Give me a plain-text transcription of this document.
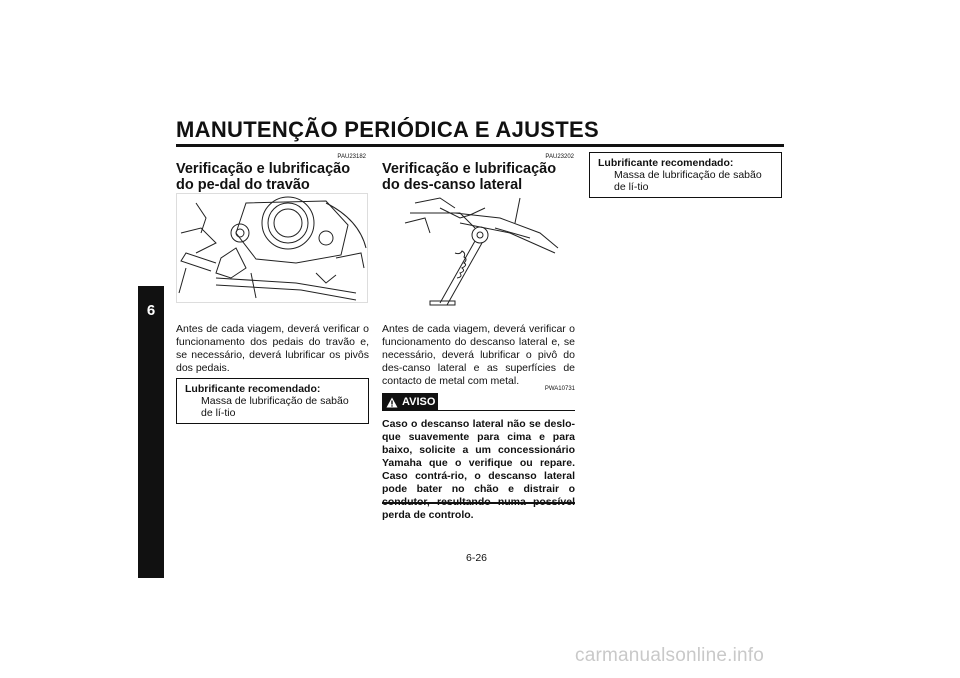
MANUTENÇÃO PERIÓDICA E AJUSTES
6
PAU23182
Verificação e lubrificação do pe-dal do travão
Antes de cada viagem, deverá verificar o funcionamento dos pedais do travão e, se necessário, deverá lubrificar os pivôs dos pedais.
Lubrificante recomendado:
Massa de lubrificação de sabão de lí-tio
PAU23202
Verificação e lubrificação do des-canso lateral
Antes de cada viagem, deverá verificar o funcionamento do descanso lateral e, se necessário, deverá lubrificar o pivô do des-canso lateral e as superfícies de contacto de metal com metal.
PWA10731
AVISO
Caso o descanso lateral não se deslo-que suavemente para cima e para baixo, solicite a um concessionário Yamaha que o verifique ou repare. Caso contrá-rio, o descanso lateral pode bater no chão e distrair o perda de controlo.
Lubrificante recomendado:
Massa de lubrificação de sabão de lí-tio
6-26
carmanualsonline.info
